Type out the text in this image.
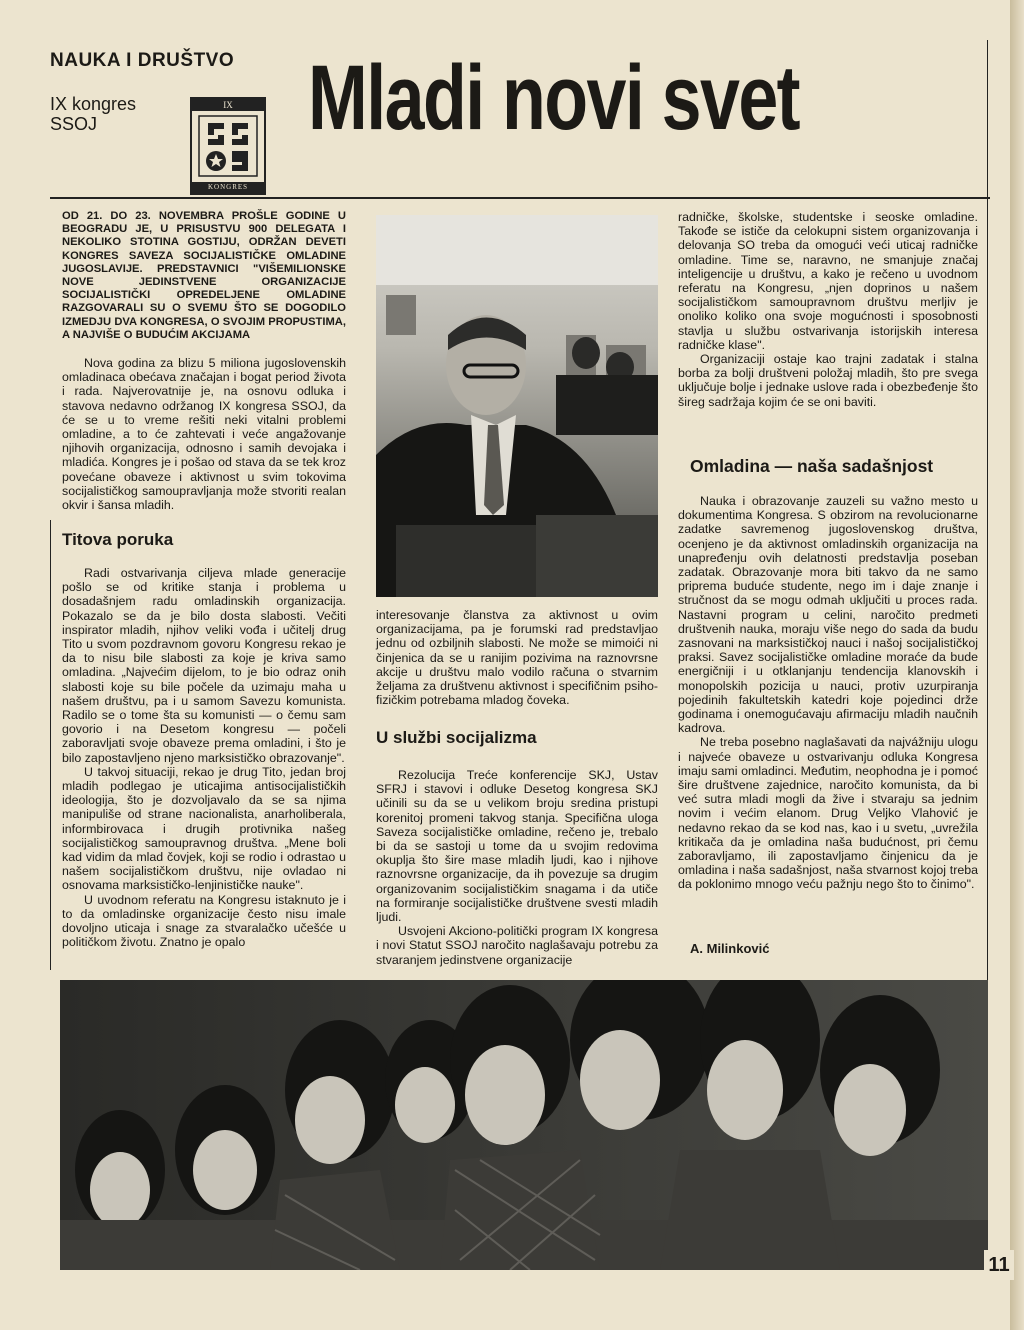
NAUKA I DRUŠTVO
IX kongres SSOJ
IX
KONGRES
Mladi novi svet

OD 21. DO 23. NOVEMBRA PROŠLE GODINE U BEOGRADU JE, U PRISUSTVU 900 DELEGATA I NEKOLIKO STOTINA GOSTIJU, ODRŽAN DEVETI KONGRES SAVEZA SOCIJALISTIČKE OMLADINE JUGOSLAVIJE. PREDSTAVNICI "VIŠEMILIONSKE NOVE JEDINSTVENE ORGANIZACIJE SOCIJALISTIČKI OPREDELJENE OMLADINE RAZGOVARALI SU O SVEMU ŠTO SE DOGODILO IZMEDJU DVA KONGRESA, O SVOJIM PROPUSTIMA, A NAJVIŠE O BUDUĆIM AKCIJAMA

Nova godina za blizu 5 miliona jugoslovenskih omladinaca obećava značajan i bogat period života i rada. Najverovatnije je, na osnovu odluka i stavova nedavno održanog IX kongresa SSOJ, da će se u to vreme rešiti neki vitalni problemi omladine, a to će zahtevati i veće angažovanje njihovih organizacija, odnosno i samih devojaka i mladića. Kongres je i pošao od stava da se tek kroz povećane obaveze i aktivnost u svim tokovima socijalističkog samoupravljanja može stvoriti realan okvir i šansa mladih.

Titova poruka

Radi ostvarivanja ciljeva mlade generacije pošlo se od kritike stanja i problema u dosadašnjem radu omladinskih organizacija. Pokazalo se da je bilo dosta slabosti. Večiti inspirator mladih, njihov veliki vođa i učitelj drug Tito u svom pozdravnom govoru Kongresu rekao je da to nisu bile slabosti za koje je kriva samo omladina. „Najvećim dijelom, to je bio odraz onih slabosti koje su bile počele da uzimaju maha u našem društvu, pa i u samom Savezu komunista. Radilo se o tome šta su komunisti — o čemu sam govorio i na Desetom kongresu — počeli zaboravljati svoje obaveze prema omladini, i što je bilo zapostavljeno njeno marksističko obrazovanje".

U takvoj situaciji, rekao je drug Tito, jedan broj mladih podlegao je uticajima antisocijalističkih ideologija, što je dozvoljavalo da se sa njima manipuliše od strane nacionalista, anarholiberala, informbirovaca i drugih protivnika našeg socijalističkog samoupravnog društva. „Mene boli kad vidim da mlad čovjek, koji se rodio i odrastao u našem socijalističkom društvu, nije ovladao ni osnovama marksističko-lenjinističke nauke".

U uvodnom referatu na Kongresu istaknuto je i to da omladinske organizacije često nisu imale dovoljno uticaja i snage za stvaralačko učešće u političkom životu. Znatno je opalo

interesovanje članstva za aktivnost u ovim organizacijama, pa je forumski rad predstavljao jednu od ozbiljnih slabosti. Ne može se mimoići ni činjenica da se u ranijim pozivima na raznovrsne akcije u društvu malo vodilo računa o stvarnim željama za društvenu aktivnost i specifičnim psiho-fizičkim potrebama mladog čoveka.

U službi socijalizma

Rezolucija Treće konferencije SKJ, Ustav SFRJ i stavovi i odluke Desetog kongresa SKJ učinili su da se u velikom broju sredina pristupi korenitoj promeni takvog stanja. Specifična uloga Saveza socijalističke omladine, rečeno je, trebalo bi da se sastoji u tome da u svojim redovima okuplja što šire mase mladih ljudi, kao i njihove raznovrsne organizacije, da ih povezuje sa drugim organizovanim socijalističkim snagama i da utiče na formiranje socijalističke društvene svesti mladih ljudi.

Usvojeni Akciono-politički program IX kongresa i novi Statut SSOJ naročito naglašavaju potrebu za stvaranjem jedinstvene organizacije

radničke, školske, studentske i seoske omladine. Takođe se ističe da celokupni sistem organizovanja i delovanja SO treba da omogući veći uticaj radničke omladine. Time se, naravno, ne smanjuje značaj inteligencije u društvu, a kako je rečeno u uvodnom referatu na Kongresu, „njen doprinos u našem socijalističkom samoupravnom društvu merljiv je onoliko koliko ona svoje mogućnosti i sposobnosti stavlja u službu ostvarivanja istorijskih interesa radničke klase".

Organizaciji ostaje kao trajni zadatak i stalna borba za bolji društveni položaj mladih, što pre svega uključuje bolje i jednake uslove rada i obezbeđenje što šireg sadržaja kojim će se oni baviti.

Omladina — naša sadašnjost

Nauka i obrazovanje zauzeli su važno mesto u dokumentima Kongresa. S obzirom na revolucionarne zadatke savremenog jugoslovenskog društva, ocenjeno je da aktivnost omladinskih organizacija na unapređenju ovih delatnosti predstavlja poseban zadatak. Obrazovanje mora biti takvo da ne samo priprema buduće studente, nego im i daje znanje i stručnost da se mogu odmah uključiti u proces rada. Nastavni program u celini, naročito predmeti društvenih nauka, moraju više nego do sada da budu zasnovani na marksističkoj nauci i našoj socijalističkoj praksi. Savez socijalističke omladine moraće da bude energičniji i u otklanjanju tendencija klanovskih i monopolskih pozicija u nauci, protiv uzurpiranja pojedinih fakultetskih katedri koje pojedinci drže godinama i onemogućavaju afirmaciju mladih naučnih kadrova.

Ne treba posebno naglašavati da najvážniju ulogu i najveće obaveze u ostvarivanju odluka Kongresa imaju sami omladinci. Međutim, neophodna je i pomoć šire društvene zajednice, naročito komunista, da bi već sutra mladi mogli da žive i stvaraju sa jednim novim i većim elanom. Drug Veljko Vlahović je nedavno rekao da se kod nas, kao i u svetu, „uvrežila kritikača da je omladina naša budućnost, pri čemu zaboravljamo, ili zapostavljamo činjenicu da je omladina i naša sadašnjost, naša stvarnost kojoj treba da poklonimo mnogo veću pažnju nego što to činimo".

A. Milinković
11
